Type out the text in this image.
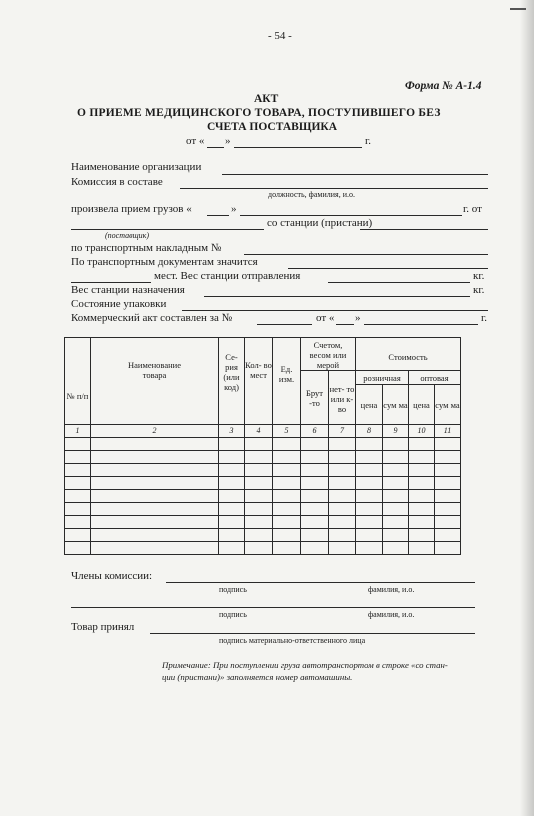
- 54 -
Форма № А-1.4
АКТ
О ПРИЕМЕ МЕДИЦИНСКОГО ТОВАРА, ПОСТУПИВШЕГО БЕЗ
СЧЕТА ПОСТАВЩИКА
от « »	г.
Наименование организации
Комиссия в составе
должность, фамилия, и.о.
произвела прием грузов «	»	г. от
со станции (пристани)
(поставщик)
по транспортным накладным №
По транспортным документам значится
мест. Вес станции отправления	кг.
Вес станции назначения	кг.
Состояние упаковки
Коммерческий акт составлен за №	от « »	г.
№ п/п	Наименование товара	Се- рия (или код)	Кол- во мест	Ед. изм.	Счетом, весом или мерой		Стоимость			

					Брут -то	нет- то или к-во	розничная		оптовая	
							цена	сум ма	цена	сум ма
1	2	3	4	5	6	7	8	9	10	11

Члены комиссии:
подпись	фамилия, и.о.
подпись	фамилия, и.о.
Товар принял
подпись материально-ответственного лица
Примечание: При поступлении груза автотранспортом в строке «со стан-
ции (пристани)» заполняется номер автомашины.
